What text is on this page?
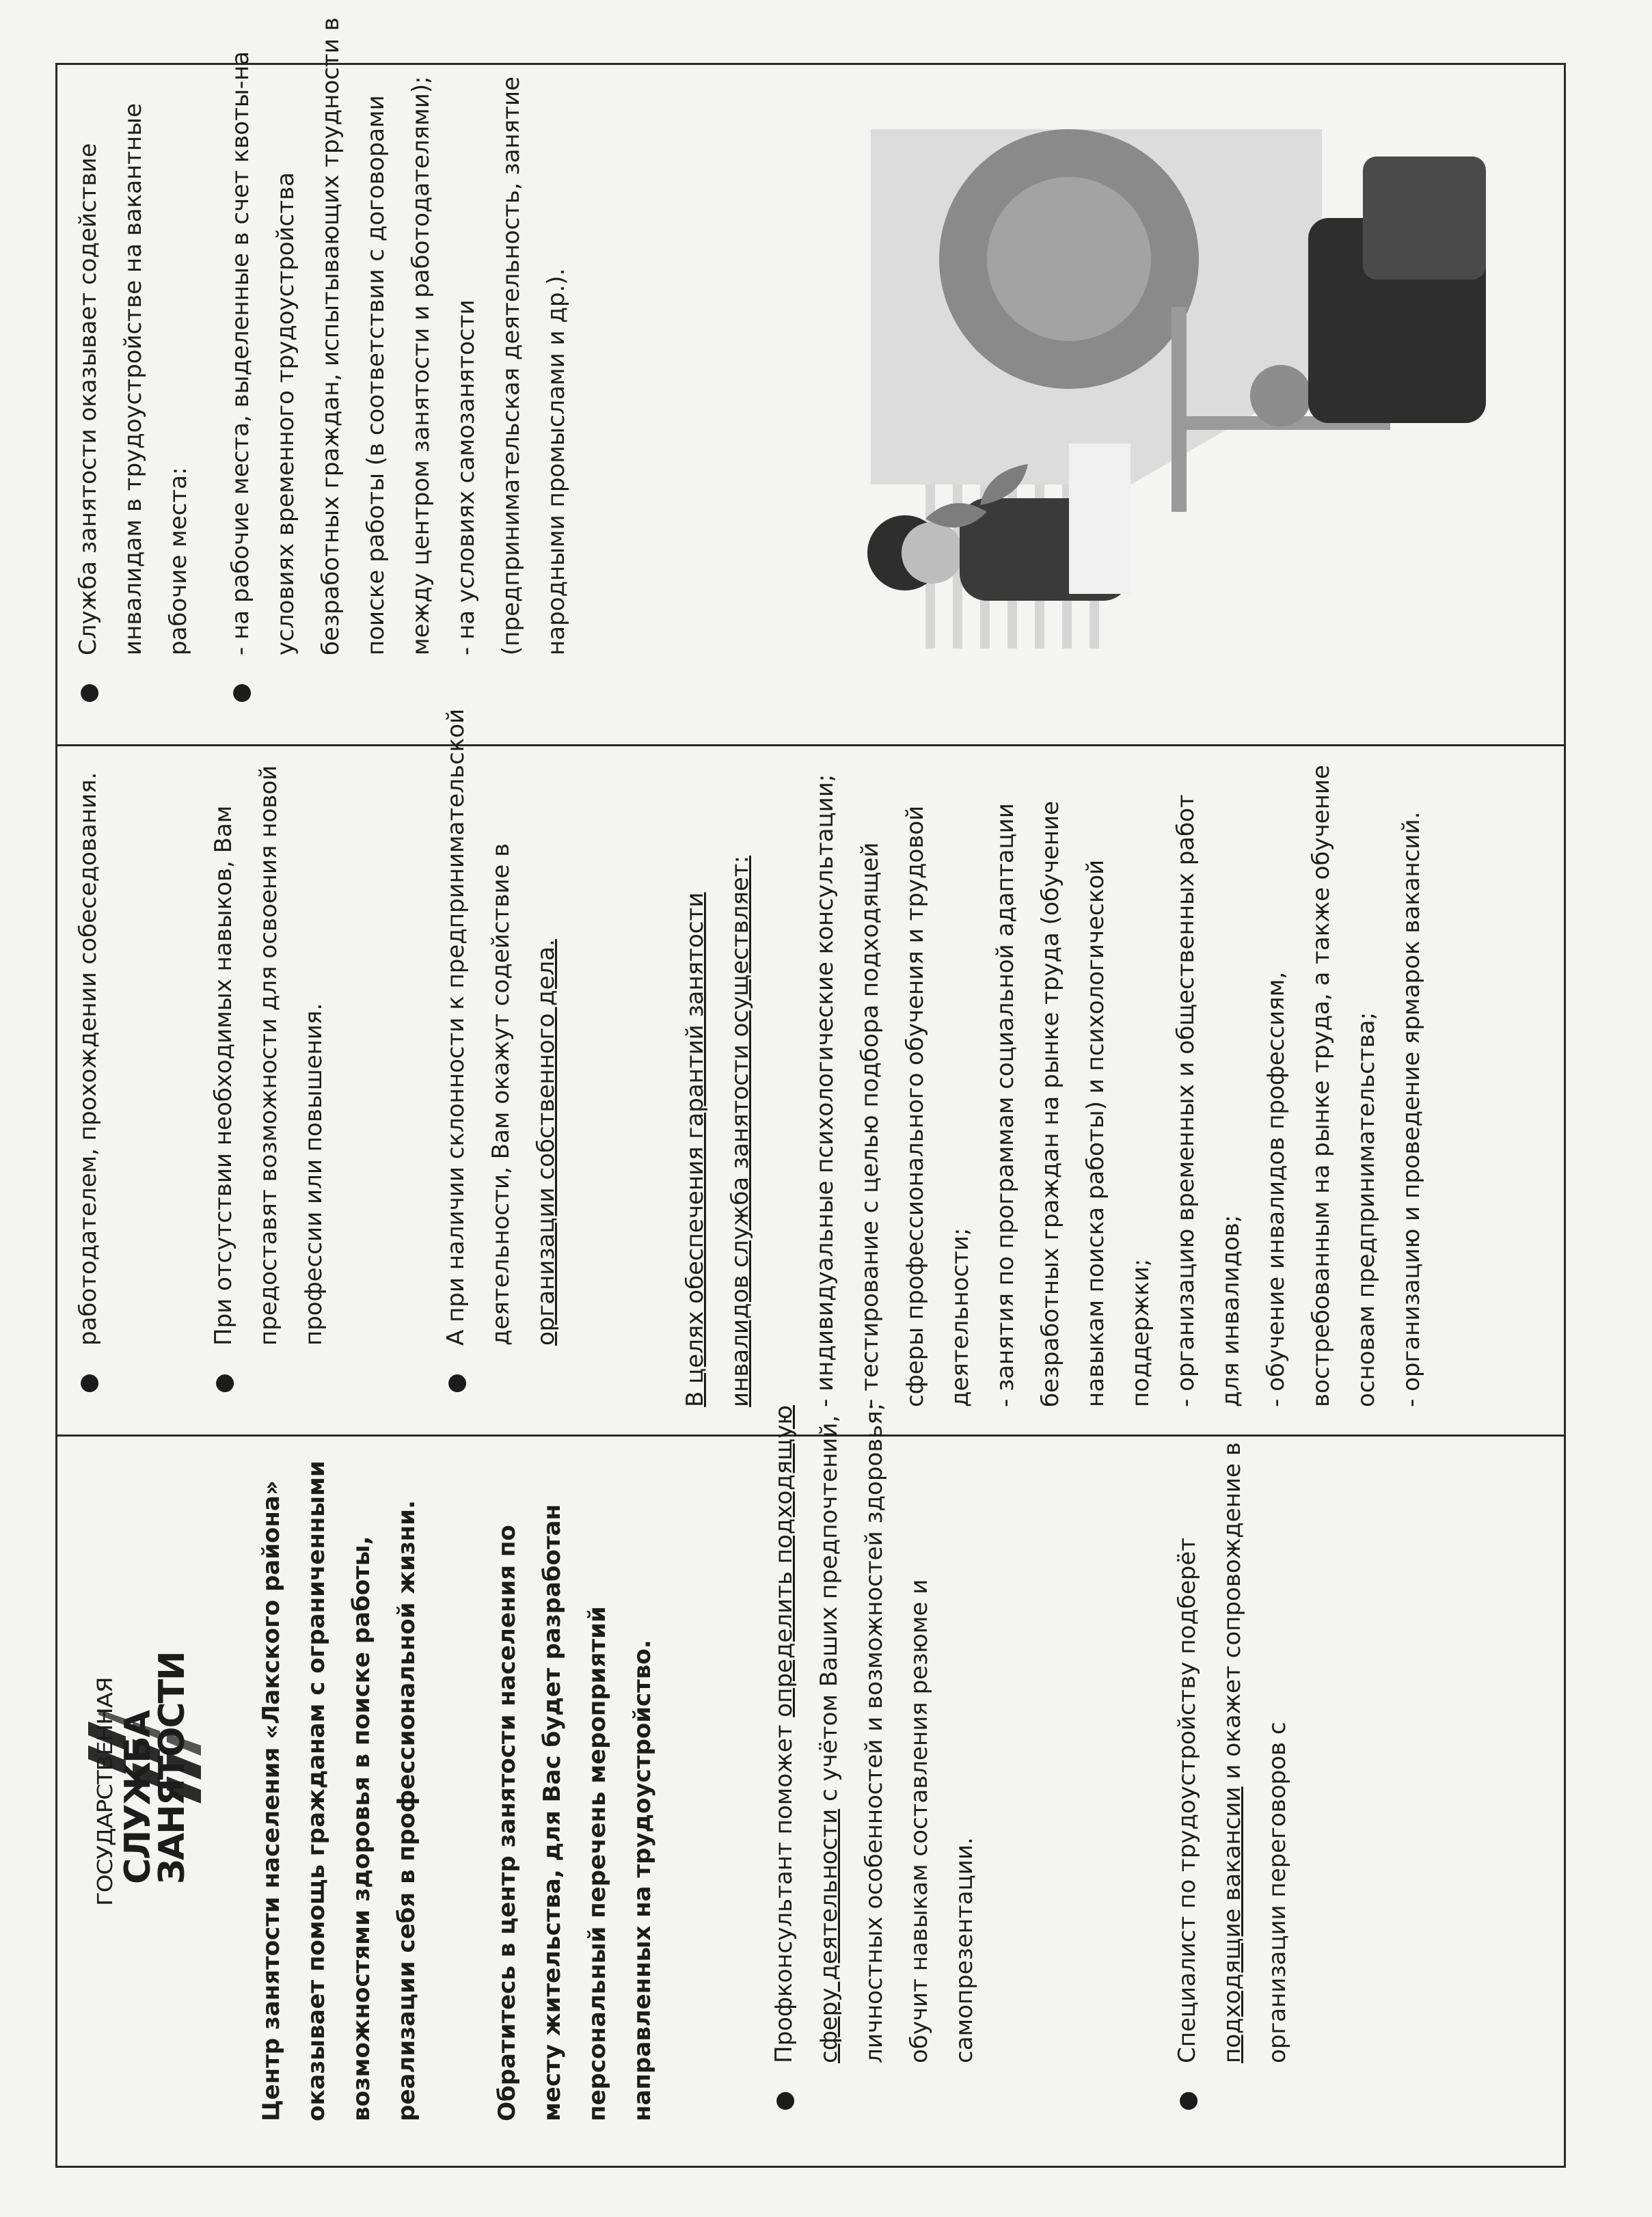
ГОСУДАРСТВЕННАЯ СЛУЖБА
ЗАНЯТОСТИ	Центр занятости населения «Лакского района» оказывает помощь гражданам с ограниченными возможностями здоровья в поиске работы, реализации себя в профессиональной жизни.	Обратитесь в центр занятости населения по месту жительства, для Вас будет разработан персональный перечень мероприятий направленных на трудоустройство.	●
Профконсультант поможет определить подходящую сферу деятельности с учётом Ваших предпочтений, личностных особенностей и возможностей здоровья; обучит навыкам составления резюме и самопрезентации.
●
Специалист по трудоустройству подберёт подходящие вакансии и окажет сопровождение в организации переговоров с
●
работодателем, прохождении собеседования.
●
При отсутствии необходимых навыков, Вам предоставят возможности для освоения новой профессии или повышения.
●
А при наличии склонности к предпринимательской деятельности, Вам окажут содействие в организации собственного дела.	В целях обеспечения гарантий занятости инвалидов служба занятости осуществляет:	- индивидуальные психологические консультации; - тестирование с целью подбора подходящей сферы профессионального обучения и трудовой деятельности; - занятия по программам социальной адаптации безработных граждан на рынке труда (обучение навыкам поиска работы) и психологической поддержки; - организацию временных и общественных работ для инвалидов; - обучение инвалидов профессиям, востребованным на рынке труда, а также обучение основам предпринимательства; - организацию и проведение ярмарок вакансий.

●
Служба занятости оказывает содействие инвалидам в трудоустройстве на вакантные рабочие места:
●

- на рабочие места, выделенные в счет квоты-на условиях временного трудоустройства безработных граждан, испытывающих трудности в поиске работы (в соответствии с договорами между центром занятости и работодателями); - на условиях самозанятости (предпринимательская деятельность, занятие народными промыслами и др.).
